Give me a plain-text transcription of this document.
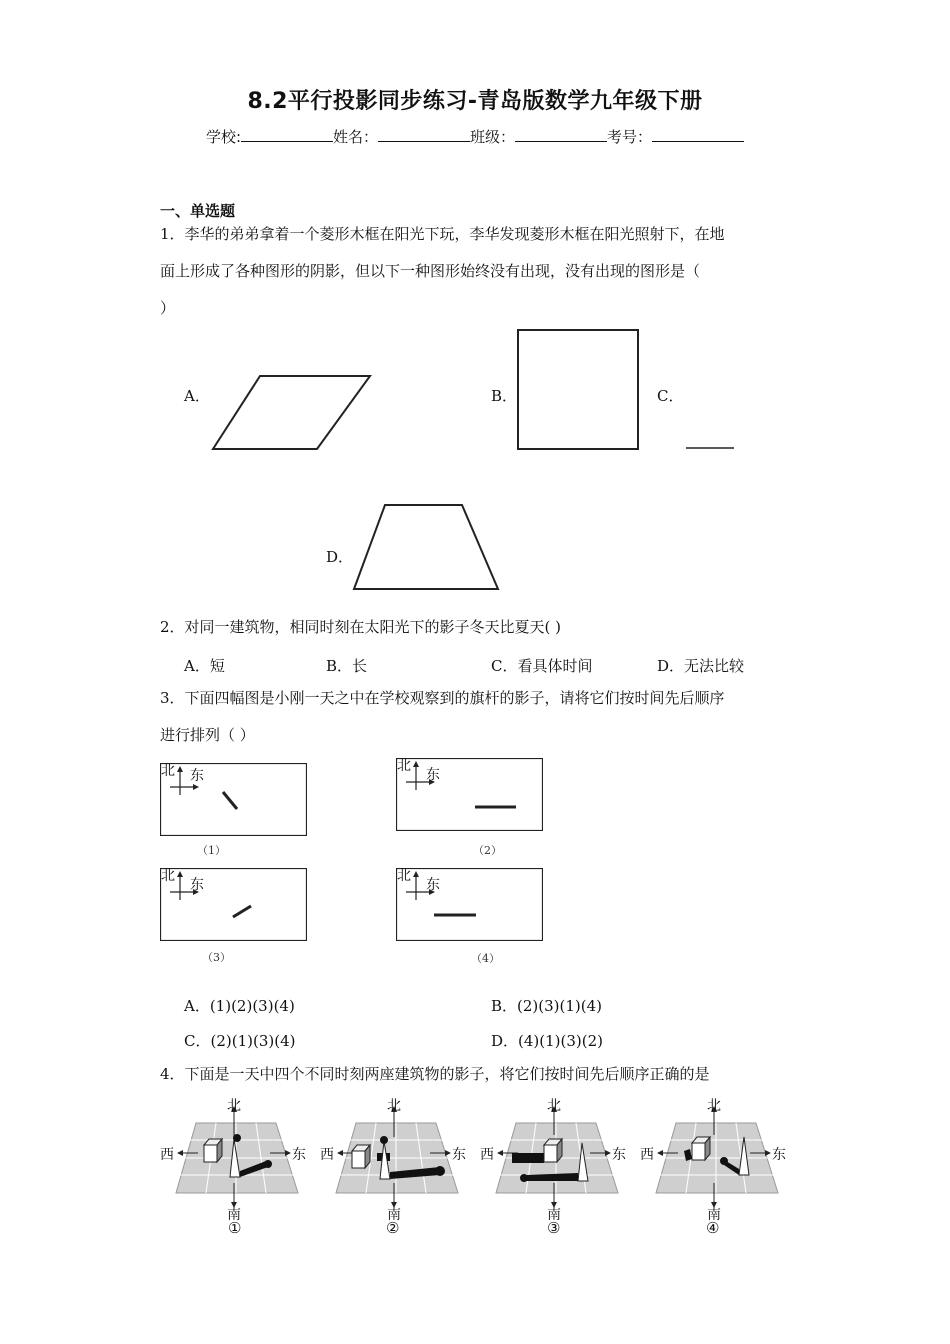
8.2平行投影同步练习-青岛版数学九年级下册
学校:	姓名：	班级：	考号：
一、单选题
1．李华的弟弟拿着一个菱形木框在阳光下玩，李华发现菱形木框在阳光照射下，在地
面上形成了各种图形的阴影，但以下一种图形始终没有出现，没有出现的图形是（
）
A．	B．	C．
D．
2．对同一建筑物，相同时刻在太阳光下的影子冬天比夏天( )
A．短	B．长	C．看具体时间	D．无法比较
3．下面四幅图是小刚一天之中在学校观察到的旗杆的影子，请将它们按时间先后顺序
进行排列（ ）
北 东
（1）
北
东
（2）
北
东
（3）
北
东
（4）
A．(1)(2)(3)(4)	B．(2)(3)(1)(4)
C．(2)(1)(3)(4)	D．(4)(1)(3)(2)
4．下面是一天中四个不同时刻两座建筑物的影子，将它们按时间先后顺序正确的是
北
南
西	东
①
北
南
西	东
②
北
南
西	东
③
北
南
西	东
④
